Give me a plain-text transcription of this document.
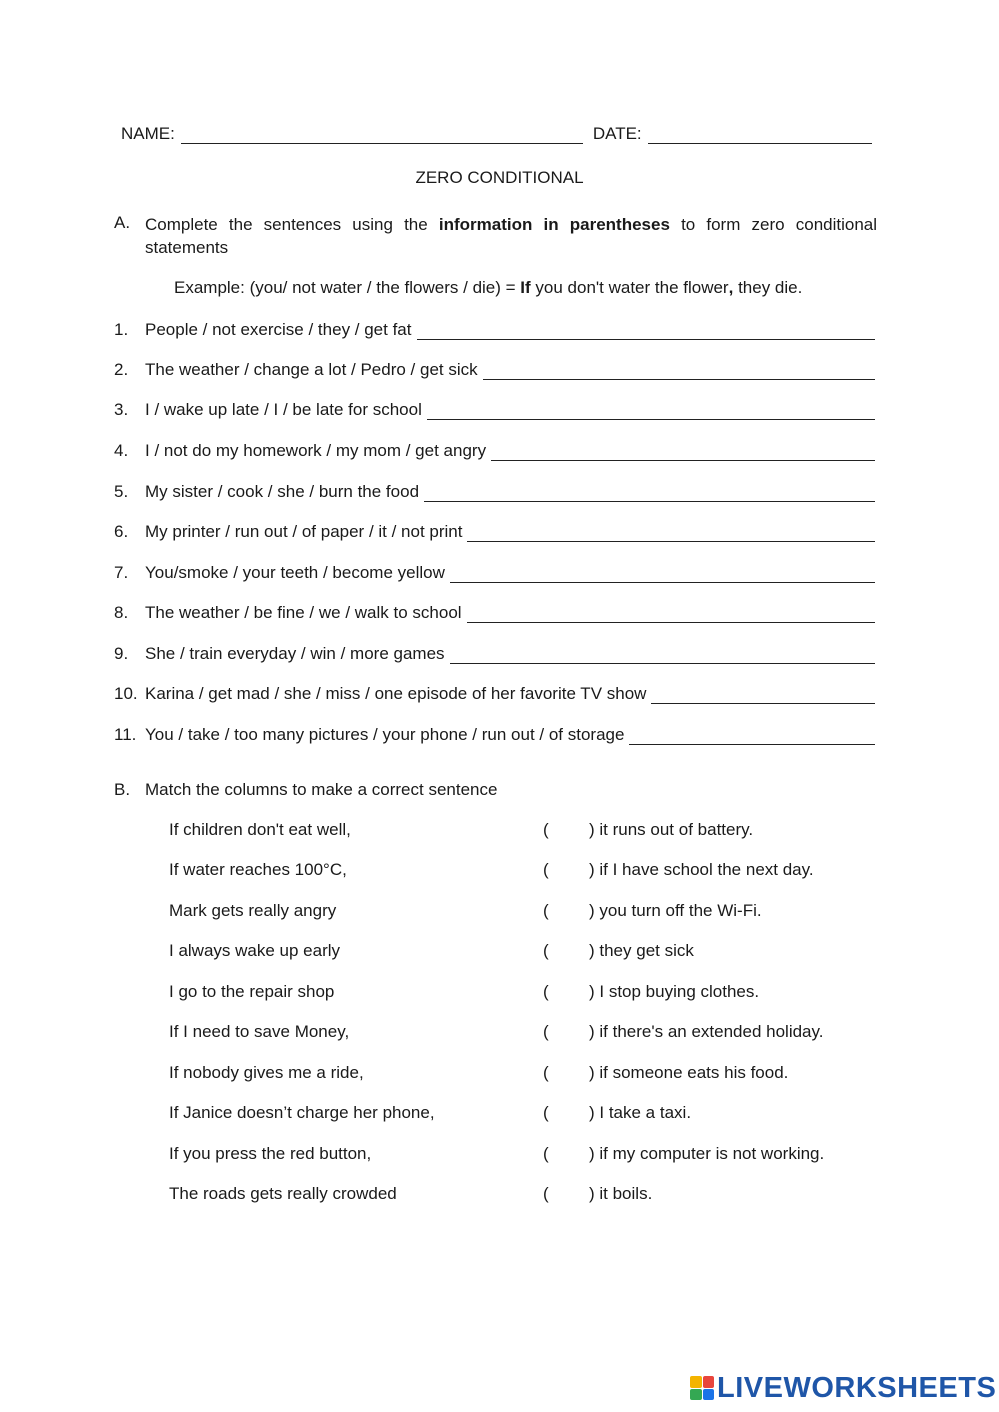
NAME:	DATE:
ZERO CONDITIONAL
A. Complete the sentences using the information in parentheses to form zero conditional statements
Example: (you/ not water / the flowers / die) = If you don't water the flower, they die.
1. People / not exercise / they / get fat
2. The weather / change a lot / Pedro / get sick
3. I / wake up late / I / be late for school
4. I / not do my homework / my mom / get angry
5. My sister / cook / she / burn the food
6. My printer / run out / of paper / it / not print
7. You/smoke / your teeth / become yellow
8. The weather / be fine / we / walk to school
9. She / train everyday / win / more games
10. Karina / get mad / she / miss / one episode of her favorite TV show
11. You / take / too many pictures / your phone / run out / of storage
B. Match the columns to make a correct sentence
If children don't eat well,	( ) it runs out of battery.
If water reaches 100°C,	( ) if I have school the next day.
Mark gets really angry	( ) you turn off the Wi-Fi.
I always wake up early	( ) they get sick
I go to the repair shop	( ) I stop buying clothes.
If I need to save Money,	( ) if there's an extended holiday.
If nobody gives me a ride,	( ) if someone eats his food.
If Janice doesn’t charge her phone,	( ) I take a taxi.
If you press the red button,	( ) if my computer is not working.
The roads gets really crowded	( ) it boils.
LIVEWORKSHEETS
